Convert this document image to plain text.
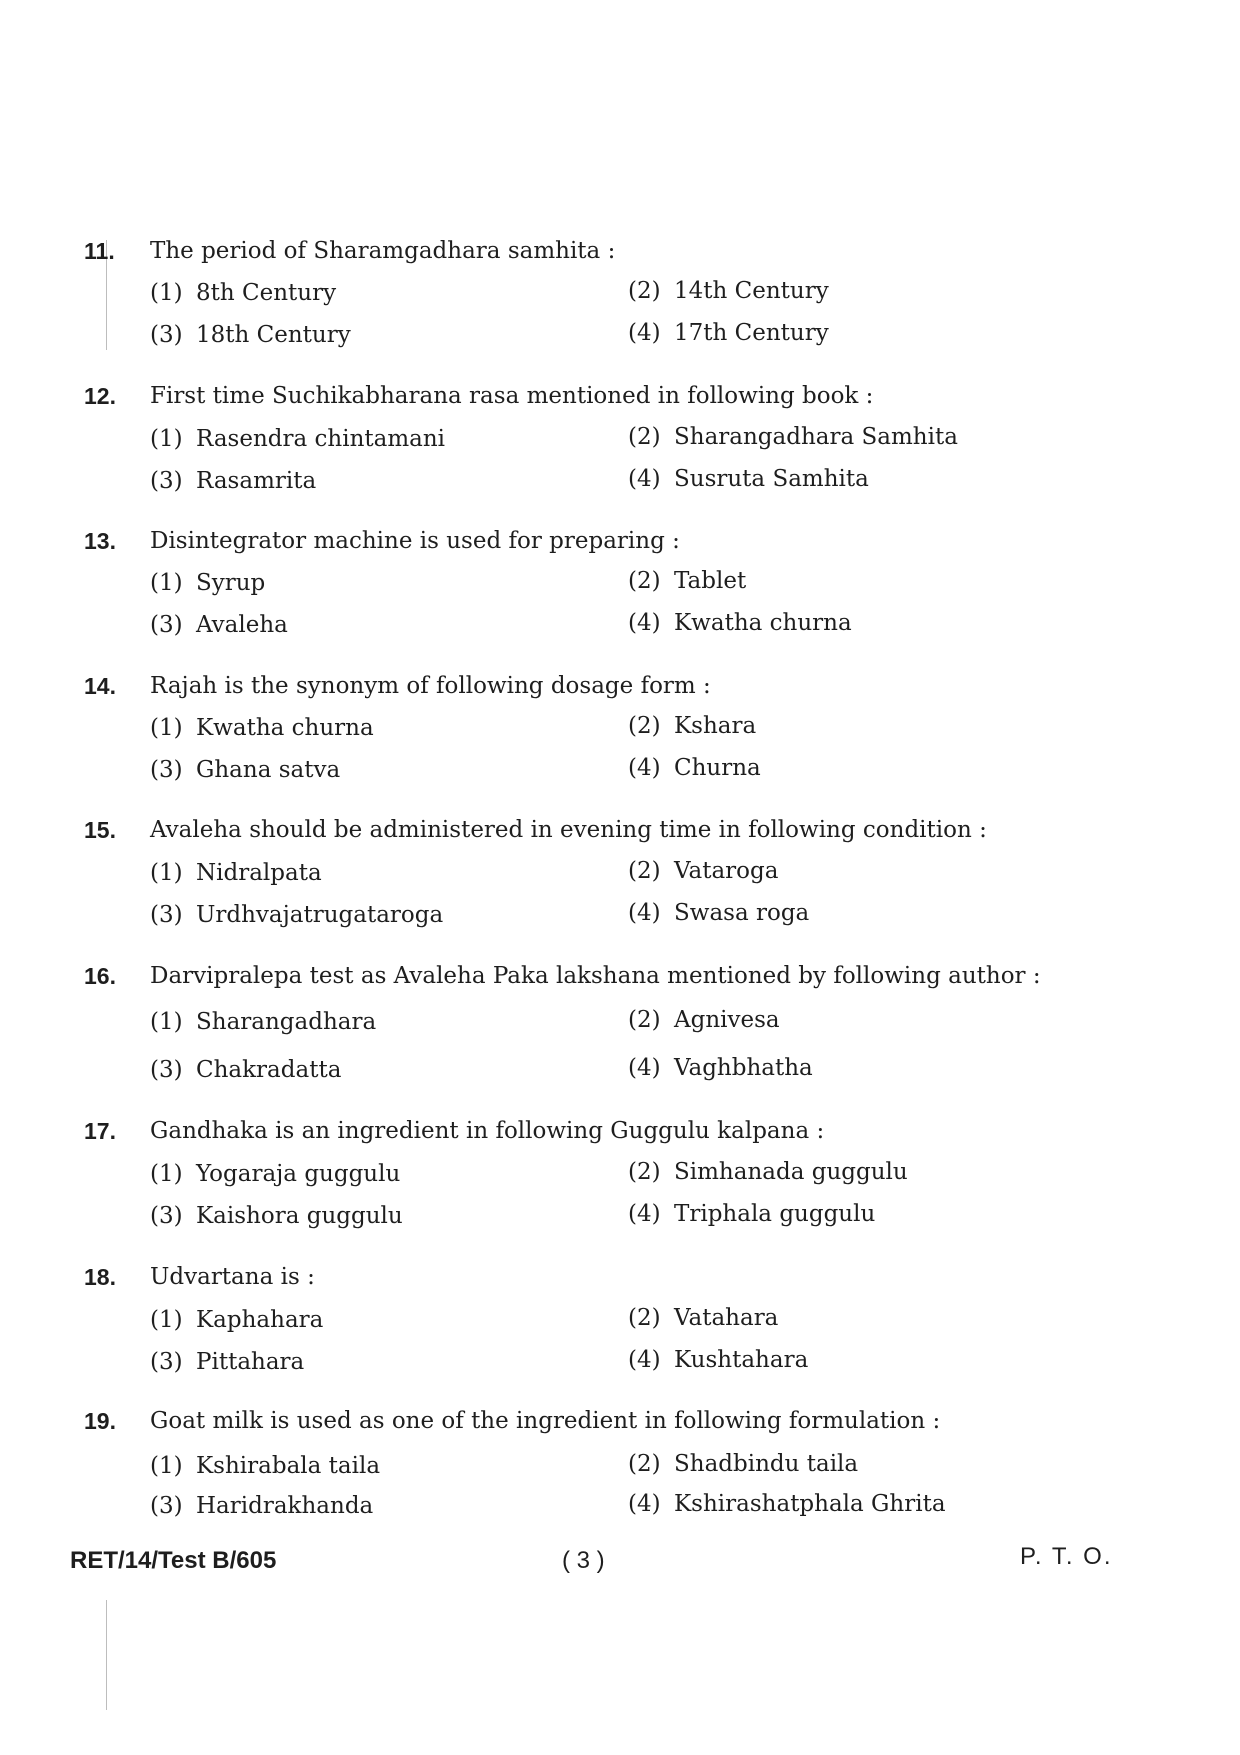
11. The period of Sharamgadhara samhita :
(1) 8th Century	(2) 14th Century
(3) 18th Century	(4) 17th Century
12. First time Suchikabharana rasa mentioned in following book :
(1) Rasendra chintamani	(2) Sharangadhara Samhita
(3) Rasamrita	(4) Susruta Samhita
13. Disintegrator machine is used for preparing :
(1) Syrup	(2) Tablet
(3) Avaleha	(4) Kwatha churna
14. Rajah is the synonym of following dosage form :
(1) Kwatha churna	(2) Kshara
(3) Ghana satva	(4) Churna
15. Avaleha should be administered in evening time in following condition :
(1) Nidralpata	(2) Vataroga
(3) Urdhvajatrugataroga	(4) Swasa roga
16. Darvipralepa test as Avaleha Paka lakshana mentioned by following author :
(1) Sharangadhara	(2) Agnivesa
(3) Chakradatta	(4) Vaghbhatha
17. Gandhaka is an ingredient in following Guggulu kalpana :
(1) Yogaraja guggulu	(2) Simhanada guggulu
(3) Kaishora guggulu	(4) Triphala guggulu
18. Udvartana is :
(1) Kaphahara	(2) Vatahara
(3) Pittahara	(4) Kushtahara
19. Goat milk is used as one of the ingredient in following formulation :
(1) Kshirabala taila	(2) Shadbindu taila
(3) Haridrakhanda	(4) Kshirashatphala Ghrita
RET/14/Test B/605	( 3 )	P. T. O.
